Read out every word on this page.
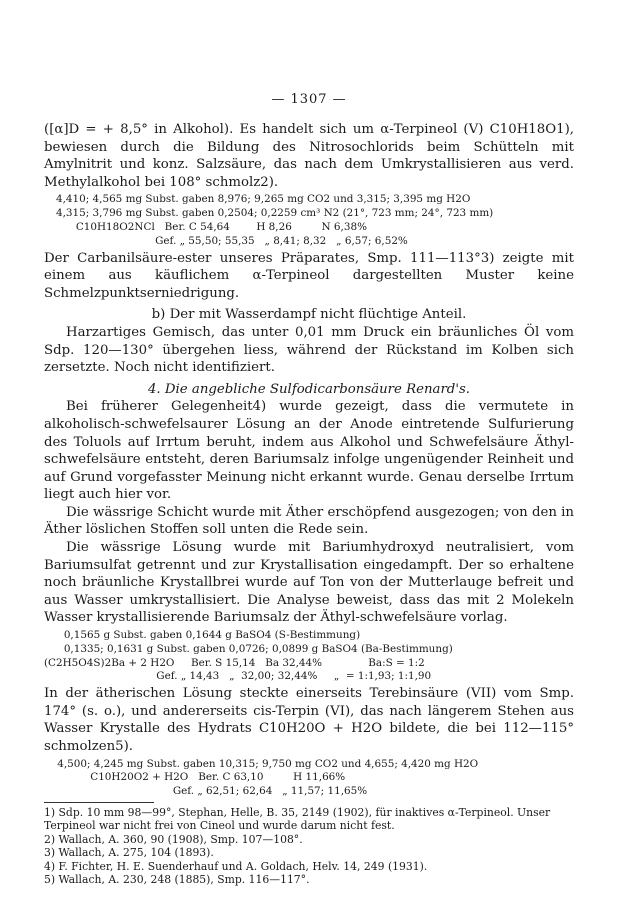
— 1307 —

([α]D = + 8,5° in Alkohol). Es handelt sich um α-Terpineol (V) C10H18O1), bewiesen durch die Bildung des Nitrosochlorids beim Schütteln mit Amylnitrit und konz. Salzsäure, das nach dem Umkrystallisieren aus verd. Methylalkohol bei 108° schmolz2).

4,410; 4,565 mg Subst. gaben 8,976; 9,265 mg CO2 und 3,315; 3,395 mg H2O

4,315; 3,796 mg Subst. gaben 0,2504; 0,2259 cm³ N2 (21°, 723 mm; 24°, 723 mm)

C10H18O2NCl   Ber. C 54,64        H 8,26         N 6,38%

Gef. „ 55,50; 55,35   „ 8,41; 8,32   „ 6,57; 6,52%

Der Carbanilsäure-ester unseres Präparates, Smp. 111—113°3) zeigte mit einem aus käuflichem α-Terpineol dargestellten Muster keine Schmelzpunktserniedrigung.

b) Der mit Wasserdampf nicht flüchtige Anteil.

Harzartiges Gemisch, das unter 0,01 mm Druck ein bräunliches Öl vom Sdp. 120—130° übergehen liess, während der Rückstand im Kolben sich zersetzte. Noch nicht identifiziert.

4. Die angebliche Sulfodicarbonsäure Renard's.

Bei früherer Gelegenheit4) wurde gezeigt, dass die vermutete in alkoholisch-schwefelsaurer Lösung an der Anode eintretende Sulfurierung des Toluols auf Irrtum beruht, indem aus Alkohol und Schwefelsäure Äthyl-schwefelsäure entsteht, deren Bariumsalz infolge ungenügender Reinheit und auf Grund vorgefasster Meinung nicht erkannt wurde. Genau derselbe Irrtum liegt auch hier vor.

Die wässrige Schicht wurde mit Äther erschöpfend ausgezogen; von den in Äther löslichen Stoffen soll unten die Rede sein.

Die wässrige Lösung wurde mit Bariumhydroxyd neutralisiert, vom Bariumsulfat getrennt und zur Krystallisation eingedampft. Der so erhaltene noch bräunliche Krystallbrei wurde auf Ton von der Mutterlauge befreit und aus Wasser umkrystallisiert. Die Analyse beweist, dass das mit 2 Molekeln Wasser krystallisierende Bariumsalz der Äthyl-schwefelsäure vorlag.

0,1565 g Subst. gaben 0,1644 g BaSO4 (S-Bestimmung)

0,1335; 0,1631 g Subst. gaben 0,0726; 0,0899 g BaSO4 (Ba-Bestimmung)

(C2H5O4S)2Ba + 2 H2O     Ber. S 15,14   Ba 32,44%              Ba:S = 1:2

Gef. „ 14,43   „  32,00; 32,44%     „  = 1:1,93; 1:1,90

In der ätherischen Lösung steckte einerseits Terebinsäure (VII) vom Smp. 174° (s. o.), und andererseits cis-Terpin (VI), das nach längerem Stehen aus Wasser Krystalle des Hydrats C10H20O + H2O bildete, die bei 112—115° schmolzen5).

4,500; 4,245 mg Subst. gaben 10,315; 9,750 mg CO2 und 4,655; 4,420 mg H2O

C10H20O2 + H2O   Ber. C 63,10         H 11,66%

Gef. „ 62,51; 62,64   „ 11,57; 11,65%

1) Sdp. 10 mm 98—99°, Stephan, Helle, B. 35, 2149 (1902), für inaktives α-Terpineol. Unser Terpineol war nicht frei von Cineol und wurde darum nicht fest.

2) Wallach, A. 360, 90 (1908), Smp. 107—108°.

3) Wallach, A. 275, 104 (1893).

4) F. Fichter, H. E. Suenderhauf und A. Goldach, Helv. 14, 249 (1931).

5) Wallach, A. 230, 248 (1885), Smp. 116—117°.
